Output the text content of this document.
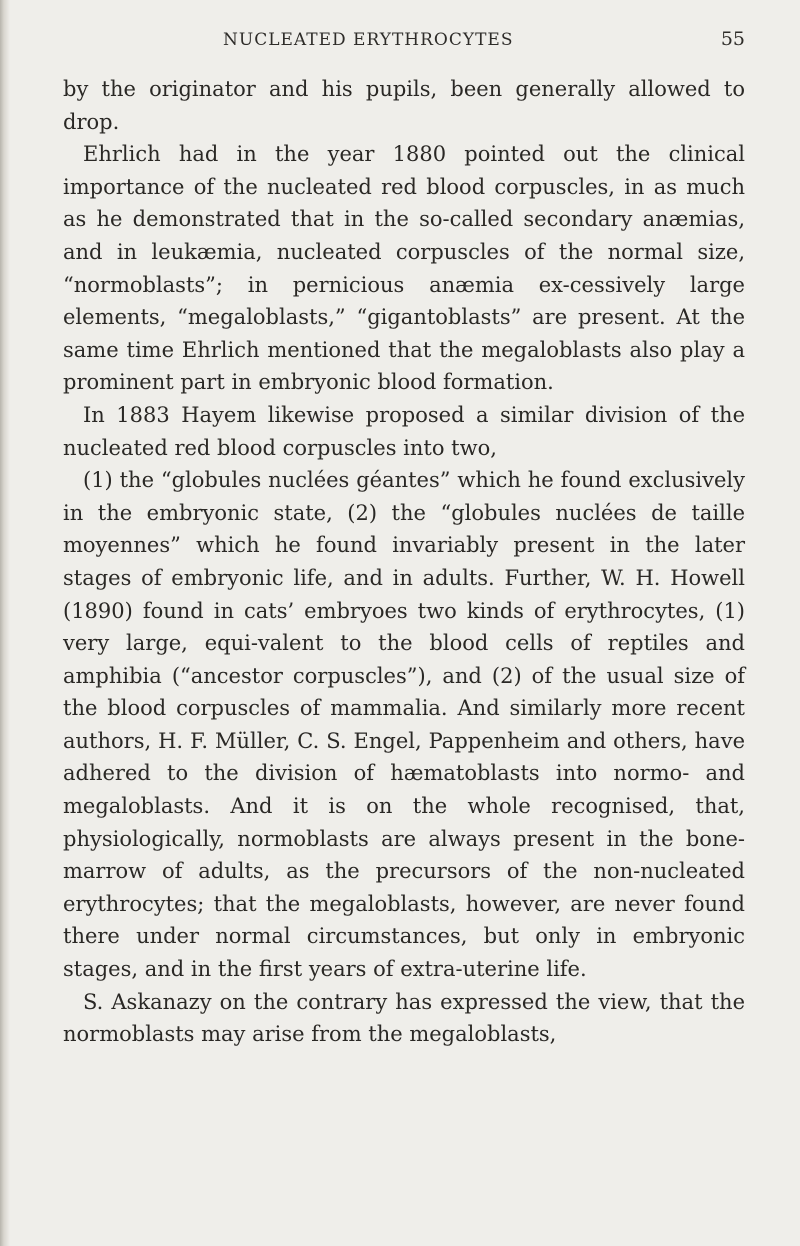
NUCLEATED ERYTHROCYTES	55

by the originator and his pupils, been generally allowed to drop.

Ehrlich had in the year 1880 pointed out the clinical importance of the nucleated red blood corpuscles, in as much as he demonstrated that in the so-called secondary anæmias, and in leukæmia, nucleated corpuscles of the normal size, “normoblasts”; in pernicious anæmia ex-cessively large elements, “megaloblasts,” “gigantoblasts” are present. At the same time Ehrlich mentioned that the megaloblasts also play a prominent part in embryonic blood formation.

In 1883 Hayem likewise proposed a similar division of the nucleated red blood corpuscles into two,

(1) the “globules nuclées géantes” which he found exclusively in the embryonic state, (2) the “globules nuclées de taille moyennes” which he found invariably present in the later stages of embryonic life, and in adults. Further, W. H. Howell (1890) found in cats’ embryoes two kinds of erythrocytes, (1) very large, equi-valent to the blood cells of reptiles and amphibia (“ancestor corpuscles”), and (2) of the usual size of the blood corpuscles of mammalia. And similarly more recent authors, H. F. Müller, C. S. Engel, Pappenheim and others, have adhered to the division of hæmatoblasts into normo- and megaloblasts. And it is on the whole recognised, that, physiologically, normoblasts are always present in the bone-marrow of adults, as the precursors of the non-nucleated erythrocytes; that the megaloblasts, however, are never found there under normal circumstances, but only in embryonic stages, and in the first years of extra-uterine life.

S. Askanazy on the contrary has expressed the view, that the normoblasts may arise from the megaloblasts,
